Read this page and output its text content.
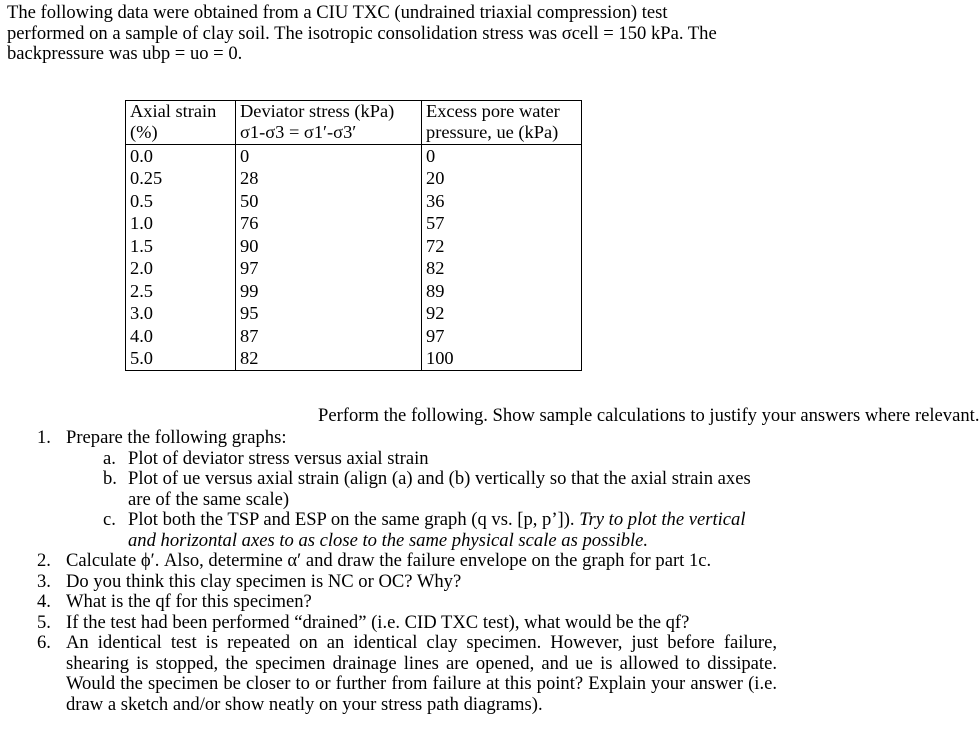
The following data were obtained from a CIU TXC (undrained triaxial compression) test
performed on a sample of clay soil. The isotropic consolidation stress was σcell = 150 kPa. The
backpressure was ubp = uo = 0.
Axial strain	Deviator stress (kPa)	Excess pore water
(%)	σ1-σ3 = σ1′-σ3′	pressure, ue (kPa)
0.0	0	0
0.25	28	20
0.5	50	36
1.0	76	57
1.5	90	72
2.0	97	82
2.5	99	89
3.0	95	92
4.0	87	97
5.0	82	100

Perform the following. Show sample calculations to justify your answers where relevant.

1. Prepare the following graphs:
a. Plot of deviator stress versus axial strain
b. Plot of ue versus axial strain (align (a) and (b) vertically so that the axial strain axes are of the same scale)
c. Plot both the TSP and ESP on the same graph (q vs. [p, p’]). Try to plot the vertical and horizontal axes to as close to the same physical scale as possible.
2. Calculate ϕ′. Also, determine α′ and draw the failure envelope on the graph for part 1c.
3. Do you think this clay specimen is NC or OC? Why?
4. What is the qf for this specimen?
5. If the test had been performed “drained” (i.e. CID TXC test), what would be the qf?
6. An identical test is repeated on an identical clay specimen. However, just before failure, shearing is stopped, the specimen drainage lines are opened, and ue is allowed to dissipate. Would the specimen be closer to or further from failure at this point? Explain your answer (i.e. draw a sketch and/or show neatly on your stress path diagrams).
